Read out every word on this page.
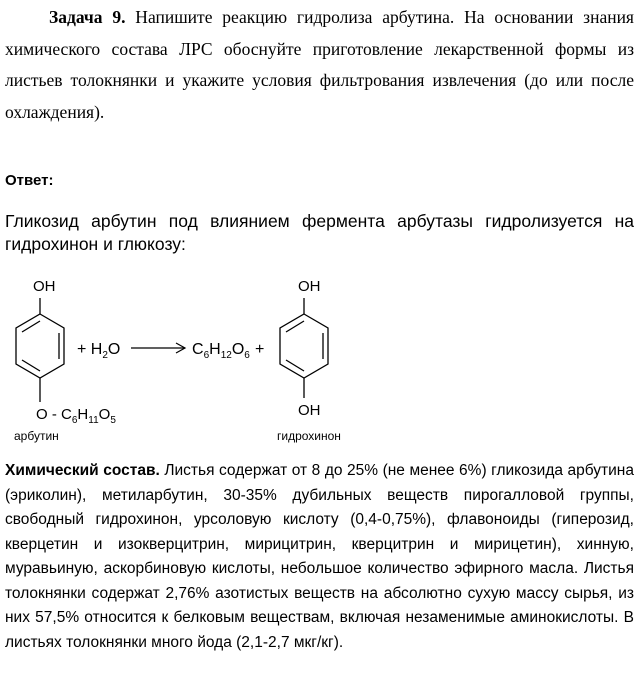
Задача 9. Напишите реакцию гидролиза арбутина. На основании знания химического состава ЛРС обоснуйте приготовление лекарственной формы из листьев толокнянки и укажите условия фильтрования извлечения (до или после охлаждения).
Ответ:
Гликозид арбутин под влиянием фермента арбутазы гидролизуется на гидрохинон и глюкозу:
OH
O - $C_6H_{11}O_5$
арбутин
+ $H_2O$	$C_6H_{12}O_6$ +
OH
OH
гидрохинон
Химический состав. Листья содержат от 8 до 25% (не менее 6%) гликозида арбутина (эриколин), метиларбутин, 30-35% дубильных веществ пирогалловой группы, свободный гидрохинон, урсоловую кислоту (0,4-0,75%), флавоноиды (гиперозид, кверцетин и изокверцитрин, мирицитрин, кверцитрин и мирицетин), хинную, муравьиную, аскорбиновую кислоты, небольшое количество эфирного масла. Листья толокнянки содержат 2,76% азотистых веществ на абсолютно сухую массу сырья, из них 57,5% относится к белковым веществам, включая незаменимые аминокислоты. В листьях толокнянки много йода (2,1-2,7 мкг/кг).
